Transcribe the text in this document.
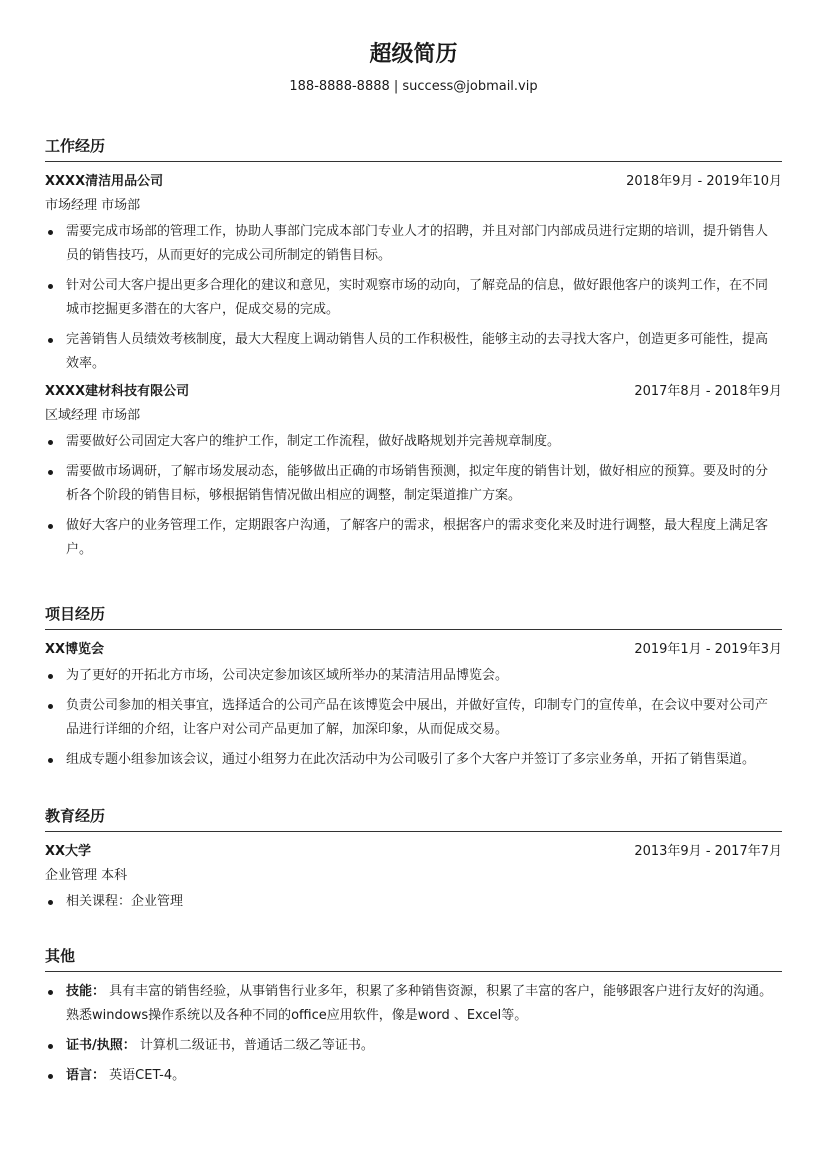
超级简历
188-8888-8888 | success@jobmail.vip
工作经历
XXXX清洁用品公司	2018年9月 - 2019年10月
市场经理 市场部
需要完成市场部的管理工作，协助人事部门完成本部门专业人才的招聘，并且对部门内部成员进行定期的培训，提升销售人员的销售技巧，从而更好的完成公司所制定的销售目标。
针对公司大客户提出更多合理化的建议和意见，实时观察市场的动向，了解竞品的信息，做好跟他客户的谈判工作，在不同城市挖掘更多潜在的大客户，促成交易的完成。
完善销售人员绩效考核制度，最大大程度上调动销售人员的工作积极性，能够主动的去寻找大客户，创造更多可能性，提高效率。
XXXX建材科技有限公司	2017年8月 - 2018年9月
区域经理 市场部
需要做好公司固定大客户的维护工作，制定工作流程，做好战略规划并完善规章制度。
需要做市场调研，了解市场发展动态，能够做出正确的市场销售预测，拟定年度的销售计划，做好相应的预算。要及时的分析各个阶段的销售目标，够根据销售情况做出相应的调整，制定渠道推广方案。
做好大客户的业务管理工作，定期跟客户沟通，了解客户的需求，根据客户的需求变化来及时进行调整，最大程度上满足客户。
项目经历
XX博览会	2019年1月 - 2019年3月
为了更好的开拓北方市场，公司决定参加该区域所举办的某清洁用品博览会。
负责公司参加的相关事宜，选择适合的公司产品在该博览会中展出，并做好宣传，印制专门的宣传单，在会议中要对公司产品进行详细的介绍，让客户对公司产品更加了解，加深印象，从而促成交易。
组成专题小组参加该会议，通过小组努力在此次活动中为公司吸引了多个大客户并签订了多宗业务单，开拓了销售渠道。
教育经历
XX大学	2013年9月 - 2017年7月
企业管理 本科
相关课程：企业管理
其他
技能： 具有丰富的销售经验，从事销售行业多年，积累了多种销售资源，积累了丰富的客户，能够跟客户进行友好的沟通。 熟悉windows操作系统以及各种不同的office应用软件，像是word 、Excel等。
证书/执照： 计算机二级证书，普通话二级乙等证书。
语言： 英语CET-4。
